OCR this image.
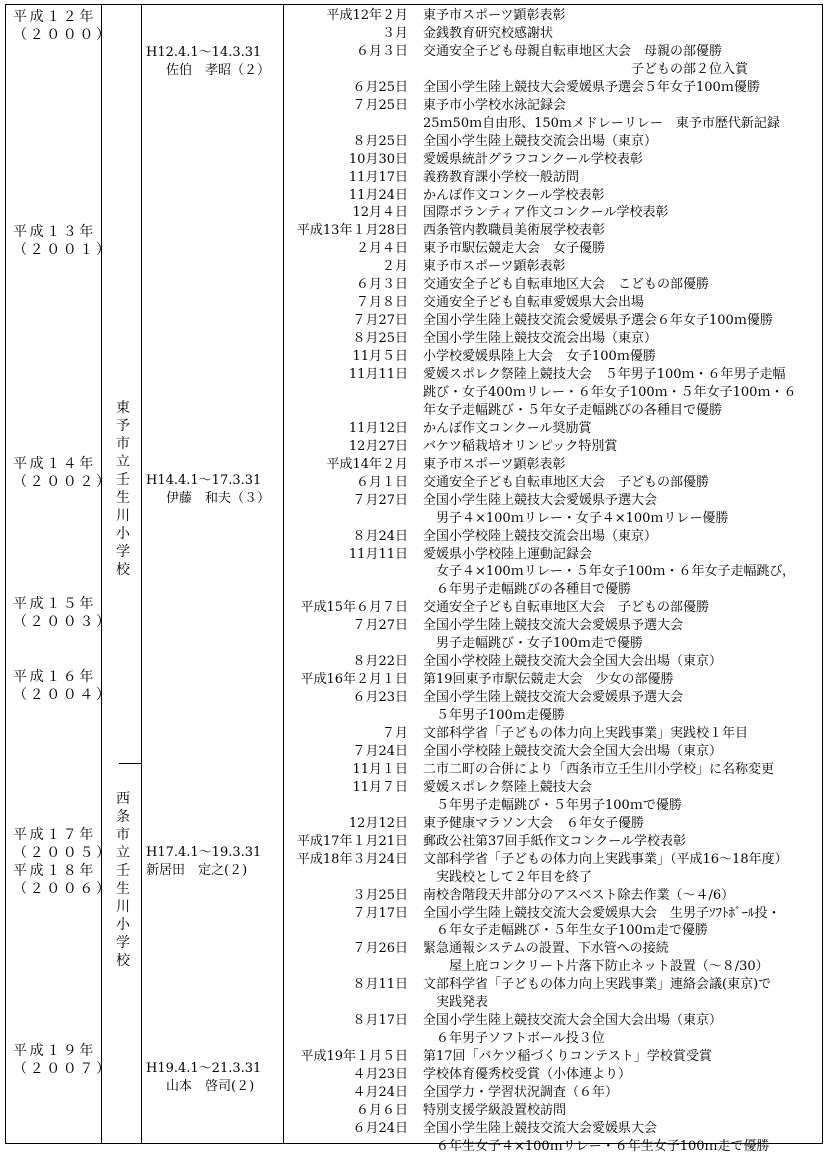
平成１２年
（２０００）
平成１３年
（２００１）
平成１４年
（２００２）
平成１５年
（２００３）
平成１６年
（２００４）
平成１７年
（２００５）
平成１８年
（２００６）
平成１９年
（２００７）
東
予
市
立
壬
生
川
小
学
校
西
条
市
立
壬
生
川
小
学
校
H12.4.1～14.3.31
佐伯　孝昭（２）
H14.4.1～17.3.31
伊藤　和夫（３）
H17.4.1～19.3.31
新居田　定之(２)
H19.4.1～21.3.31
山本　啓司(２)
平成12年２月 東予市スポーツ顕彰表彰
３月 金銭教育研究校感謝状
６月３日 交通安全子ども母親自転車地区大会　母親の部優勝
　　　　　　　　　　　　　　　　子どもの部２位入賞
６月25日 全国小学生陸上競技大会愛媛県予選会５年女子100ｍ優勝
７月25日 東予市小学校水泳記録会
25ｍ50ｍ自由形、150ｍメドレーリレー　東予市歴代新記録
８月25日 全国小学生陸上競技交流会出場（東京）
10月30日 愛媛県統計グラフコンクール学校表彰
11月17日 義務教育課小学校一般訪問
11月24日 かんぽ作文コンクール学校表彰
12月４日 国際ボランティア作文コンクール学校表彰
平成13年１月28日 西条管内教職員美術展学校表彰
２月４日 東予市駅伝競走大会　女子優勝
２月 東予市スポーツ顕彰表彰
６月３日 交通安全子ども自転車地区大会　こどもの部優勝
７月８日 交通安全子ども自転車愛媛県大会出場
７月27日 全国小学生陸上競技交流会愛媛県予選会６年女子100ｍ優勝
８月25日 全国小学生陸上競技交流会出場（東京）
11月５日 小学校愛媛県陸上大会　女子100ｍ優勝
11月11日 愛媛スポレク祭陸上競技大会　５年男子100ｍ・６年男子走幅
跳び・女子400ｍリレー・６年女子100ｍ・５年女子100ｍ・６
年女子走幅跳び・５年女子走幅跳びの各種目で優勝
11月12日 かんぽ作文コンクール奨励賞
12月27日 バケツ稲栽培オリンピック特別賞
平成14年２月 東予市スポーツ顕彰表彰
６月１日 交通安全子ども自転車地区大会　子どもの部優勝
７月27日 全国小学生陸上競技大会愛媛県予選大会
　男子４×100ｍリレー・女子４×100ｍリレー優勝
８月24日 全国小学校陸上競技交流会出場（東京）
11月11日 愛媛県小学校陸上運動記録会
　女子４×100ｍリレー・５年女子100ｍ・６年女子走幅跳び，
　６年男子走幅跳びの各種目で優勝
平成15年６月７日 交通安全子ども自転車地区大会　子どもの部優勝
７月27日 全国小学生陸上競技交流大会愛媛県予選大会
　男子走幅跳び・女子100ｍ走で優勝
８月22日 全国小学校陸上競技交流大会全国大会出場（東京）
平成16年２月１日 第19回東予市駅伝競走大会　少女の部優勝
６月23日 全国小学生陸上競技交流大会愛媛県予選大会
　５年男子100ｍ走優勝
７月 文部科学省「子どもの体力向上実践事業」実践校１年目
７月24日 全国小学校陸上競技交流大会全国大会出場（東京）
11月１日 二市二町の合併により「西条市立壬生川小学校」に名称変更
11月７日 愛媛スポレク祭陸上競技大会
　５年男子走幅跳び・５年男子100ｍで優勝
12月12日 東予健康マラソン大会　６年女子優勝
平成17年１月21日 郵政公社第37回手紙作文コンクール学校表彰
平成18年３月24日 文部科学省「子どもの体力向上実践事業」（平成16～18年度）
　実践校として２年目を終了
３月25日 南校舎階段天井部分のアスベスト除去作業（～４/6）
７月17日 全国小学生陸上競技交流大会愛媛県大会　生男子ｿﾌﾄﾎﾞｰﾙ投・
　６年女子走幅跳び・５年生女子100ｍ走で優勝
７月26日 緊急通報システムの設置、下水管への接続
　　屋上庇コンクリート片落下防止ネット設置（～８/30）
８月11日 文部科学省「子どもの体力向上実践事業」連絡会議(東京)で
　実践発表
８月17日 全国小学生陸上競技交流大会全国大会出場（東京）
　６年男子ソフトボール投３位
平成19年１月５日 第17回「バケツ稲づくりコンテスト」学校賞受賞
４月23日 学校体育優秀校受賞（小体連より）
４月24日 全国学力・学習状況調査（６年）
６月６日 特別支援学級設置校訪問
６月24日 全国小学生陸上競技交流大会愛媛県大会
　６年生女子４×100ｍリレー・６年生女子100ｍ走で優勝
